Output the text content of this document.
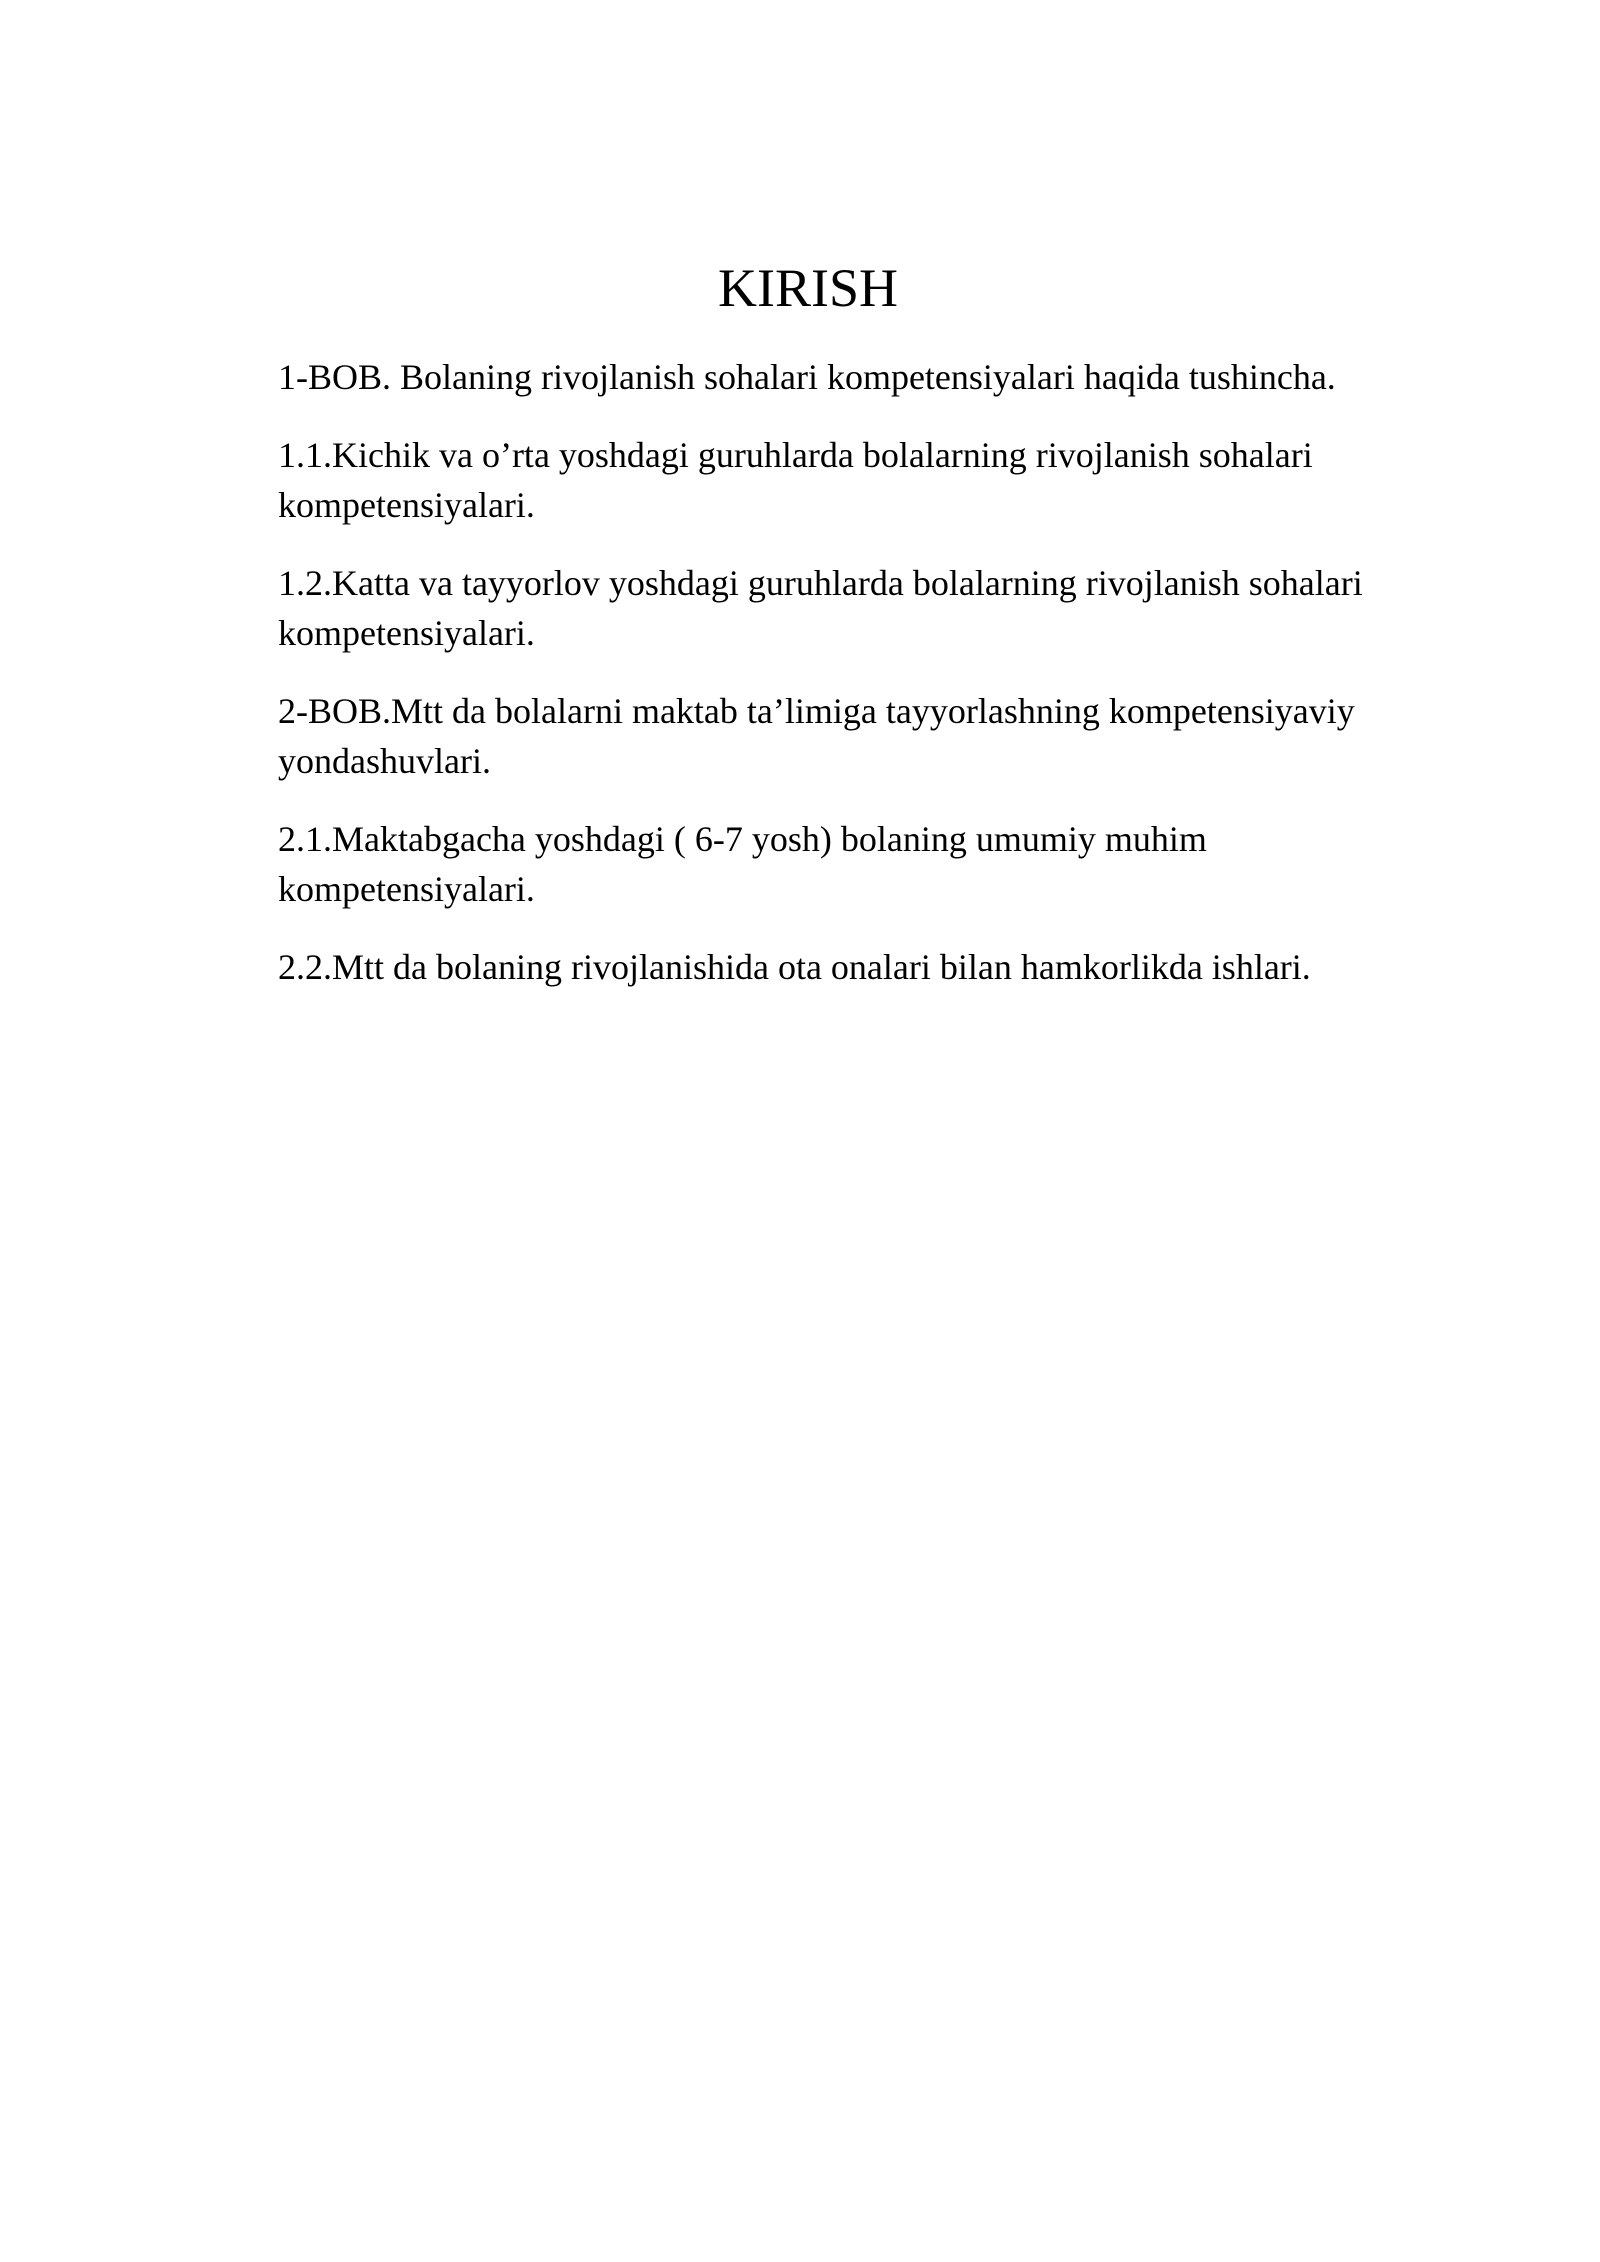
KIRISH
1-BOB. Bolaning rivojlanish sohalari kompetensiyalari haqida tushincha.
1.1.Kichik va o’rta yoshdagi guruhlarda bolalarning rivojlanish sohalari kompetensiyalari.
1.2.Katta va tayyorlov yoshdagi guruhlarda bolalarning rivojlanish sohalari kompetensiyalari.
2-BOB.Mtt da bolalarni maktab ta’limiga tayyorlashning kompetensiyaviy yondashuvlari.
2.1.Maktabgacha yoshdagi ( 6-7 yosh) bolaning umumiy muhim kompetensiyalari.
2.2.Mtt da bolaning rivojlanishida ota onalari bilan hamkorlikda ishlari.
